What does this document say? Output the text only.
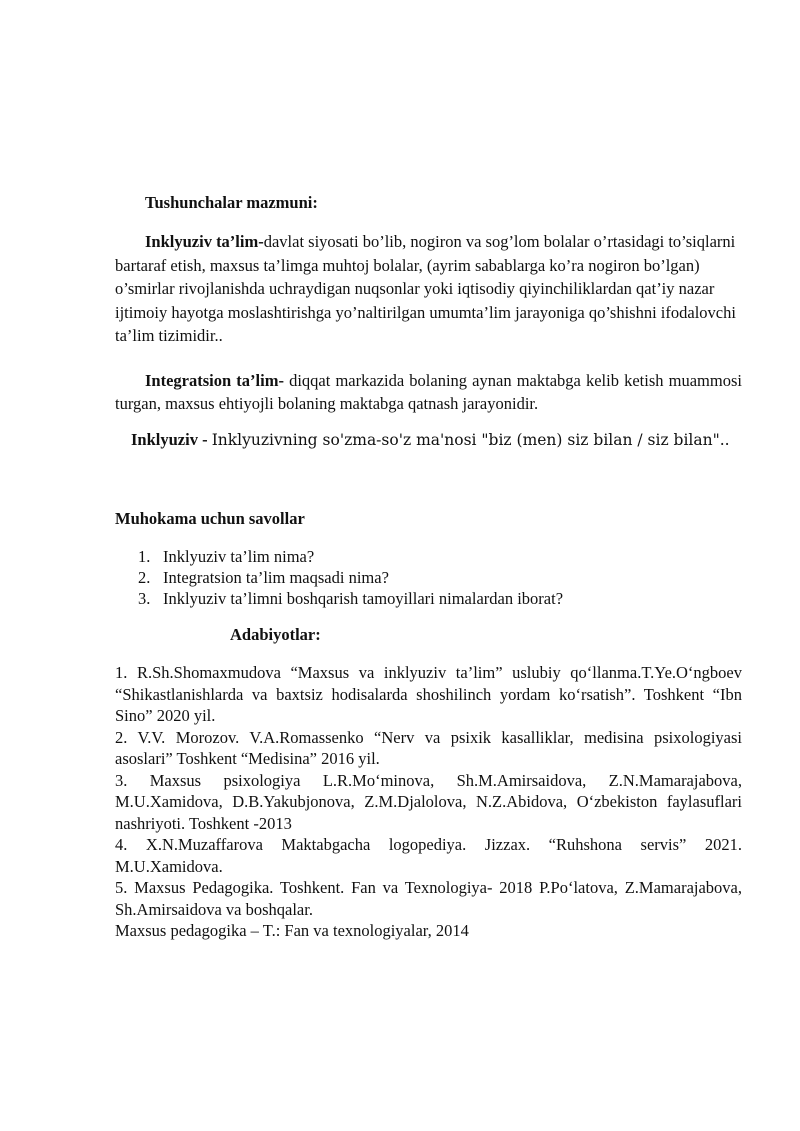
Tushunchalar mazmuni:
Inklyuziv ta’lim-davlat siyosati bo’lib, nogiron va sog’lom bolalar o’rtasidagi to’siqlarni bartaraf etish, maxsus ta’limga muhtoj bolalar, (ayrim sabablarga ko’ra nogiron bo’lgan) o’smirlar rivojlanishda uchraydigan nuqsonlar yoki iqtisodiy qiyinchiliklardan qat’iy nazar ijtimoiy hayotga moslashtirishga yo’naltirilgan umumta’lim jarayoniga qo’shishni ifodalovchi ta’lim tizimidir..
Integratsion ta’lim- diqqat markazida bolaning aynan maktabga kelib ketish muammosi turgan, maxsus ehtiyojli bolaning maktabga qatnash jarayonidir.
Inklyuziv - Inklyuzivning so'zma-so'z ma'nosi "biz (men) siz bilan / siz bilan"..
Muhokama uchun savollar
1. Inklyuziv ta’lim nima?
2. Integratsion ta’lim maqsadi nima?
3. Inklyuziv ta’limni boshqarish tamoyillari nimalardan iborat?
Adabiyotlar:
1. R.Sh.Shomaxmudova “Maxsus va inklyuziv ta’lim” uslubiy qo‘llanma.T.Ye.O‘ngboev “Shikastlanishlarda va baxtsiz hodisalarda shoshilinch yordam ko‘rsatish”. Toshkent “Ibn Sino” 2020 yil.
2. V.V. Morozov. V.A.Romassenko “Nerv va psixik kasalliklar, medisina psixologiyasi asoslari” Toshkent “Medisina” 2016 yil.
3. Maxsus psixologiya L.R.Mo‘minova, Sh.M.Amirsaidova, Z.N.Mamarajabova, M.U.Xamidova, D.B.Yakubjonova, Z.M.Djalolova, N.Z.Abidova, O‘zbekiston faylasuflari nashriyoti. Toshkent -2013
4. X.N.Muzaffarova Maktabgacha logopediya. Jizzax. “Ruhshona servis” 2021. M.U.Xamidova.
5. Maxsus Pedagogika. Toshkent. Fan va Texnologiya- 2018 P.Po‘latova, Z.Mamarajabova, Sh.Amirsaidova va boshqalar.
Maxsus pedagogika – T.: Fan va texnologiyalar, 2014
